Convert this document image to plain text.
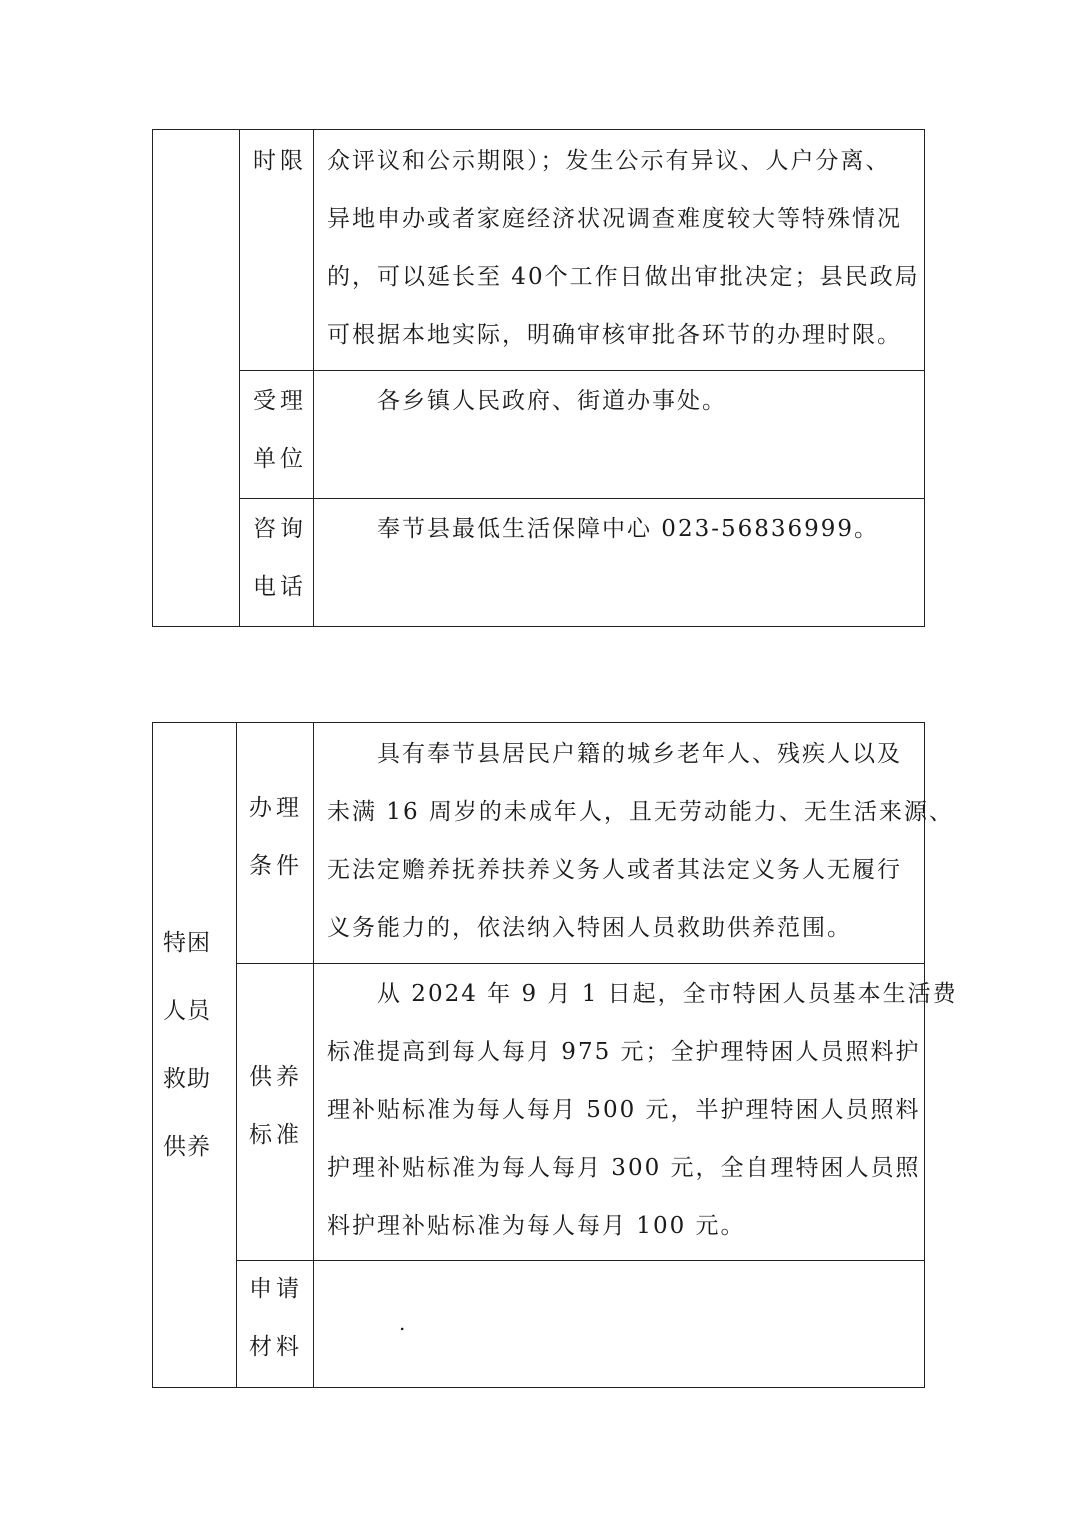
时限 众评议和公示期限）；发生公示有异议、人户分离、
异地申办或者家庭经济状况调查难度较大等特殊情况
的，可以延长至 40个工作日做出审批决定；县民政局
可根据本地实际，明确审核审批各环节的办理时限。
受理
单位
各乡镇人民政府、街道办事处。
咨询
电话
奉节县最低生活保障中心 023-56836999。
特困
人员
救助
供养
办理
条件
具有奉节县居民户籍的城乡老年人、残疾人以及
未满 16 周岁的未成年人，且无劳动能力、无生活来源、
无法定赡养抚养扶养义务人或者其法定义务人无履行
义务能力的，依法纳入特困人员救助供养范围。
供养
标准
从 2024 年 9 月 1 日起，全市特困人员基本生活费
标准提高到每人每月 975 元；全护理特困人员照料护
理补贴标准为每人每月 500 元，半护理特困人员照料
护理补贴标准为每人每月 300 元，全自理特困人员照
料护理补贴标准为每人每月 100 元。
申请
材料
.
